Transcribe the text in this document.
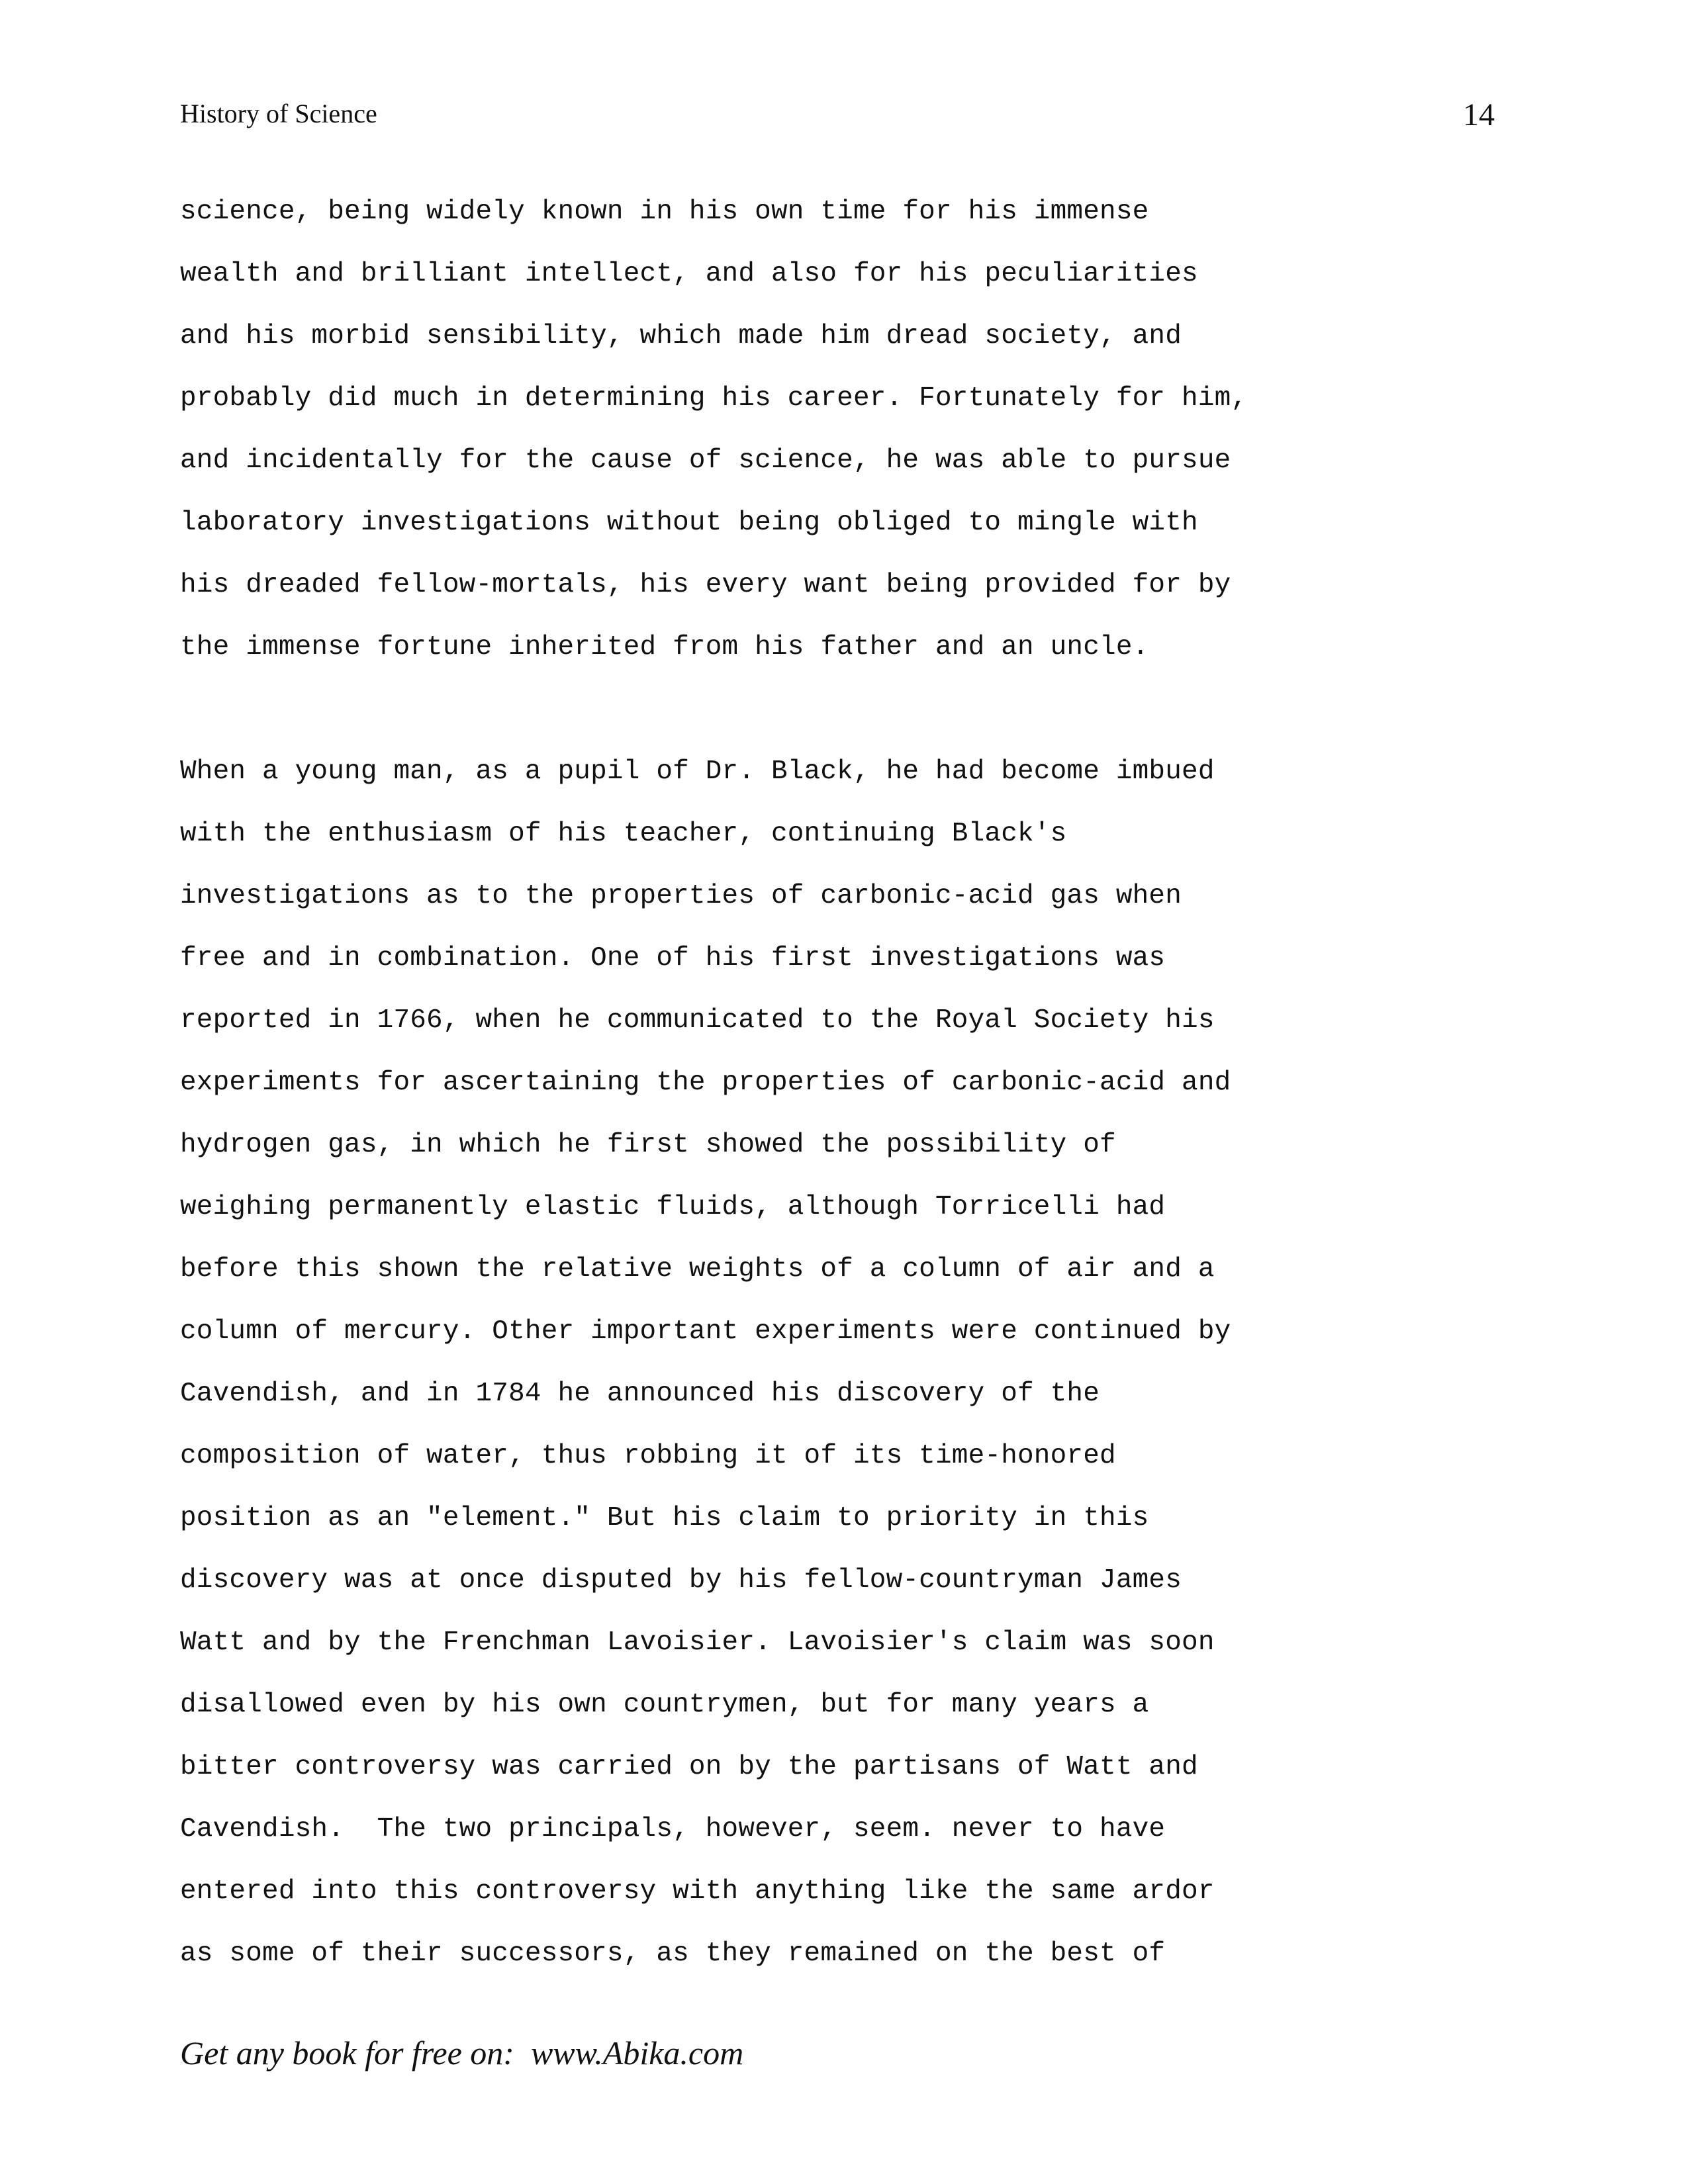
History of Science	14
science, being widely known in his own time for his immense
wealth and brilliant intellect, and also for his peculiarities
and his morbid sensibility, which made him dread society, and
probably did much in determining his career. Fortunately for him,
and incidentally for the cause of science, he was able to pursue
laboratory investigations without being obliged to mingle with
his dreaded fellow-mortals, his every want being provided for by
the immense fortune inherited from his father and an uncle.
When a young man, as a pupil of Dr. Black, he had become imbued
with the enthusiasm of his teacher, continuing Black's
investigations as to the properties of carbonic-acid gas when
free and in combination. One of his first investigations was
reported in 1766, when he communicated to the Royal Society his
experiments for ascertaining the properties of carbonic-acid and
hydrogen gas, in which he first showed the possibility of
weighing permanently elastic fluids, although Torricelli had
before this shown the relative weights of a column of air and a
column of mercury. Other important experiments were continued by
Cavendish, and in 1784 he announced his discovery of the
composition of water, thus robbing it of its time-honored
position as an "element." But his claim to priority in this
discovery was at once disputed by his fellow-countryman James
Watt and by the Frenchman Lavoisier. Lavoisier's claim was soon
disallowed even by his own countrymen, but for many years a
bitter controversy was carried on by the partisans of Watt and
Cavendish.  The two principals, however, seem. never to have
entered into this controversy with anything like the same ardor
as some of their successors, as they remained on the best of
Get any book for free on:  www.Abika.com
